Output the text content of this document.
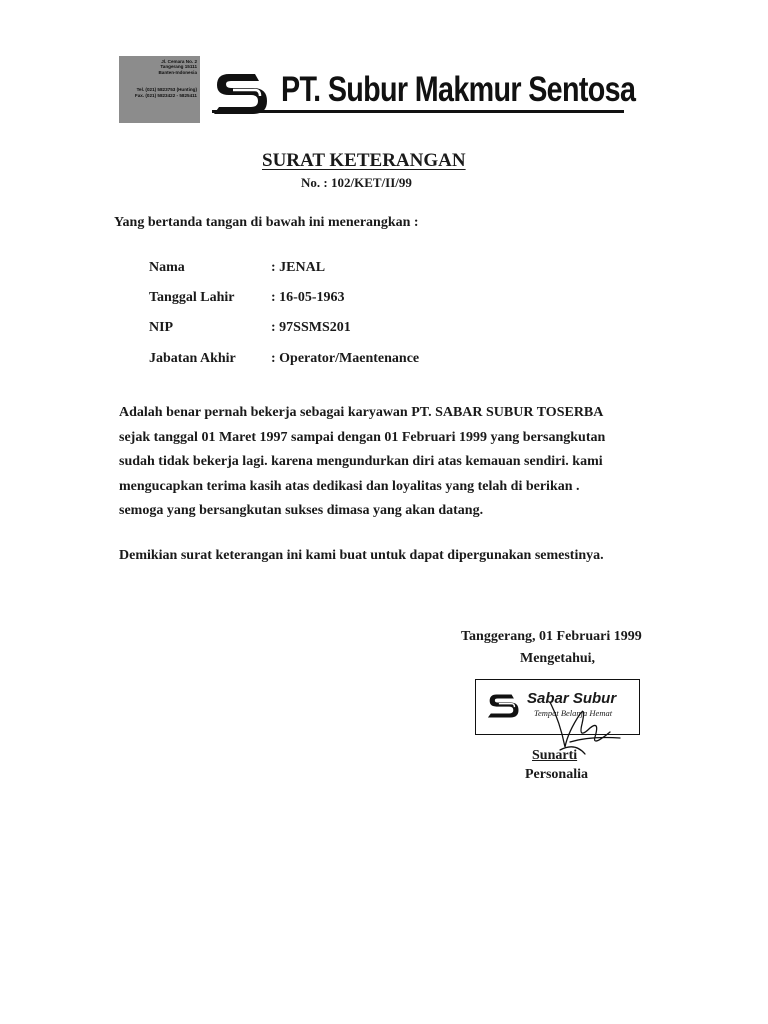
Jl. Cemara No. 2
Tangerang 15111
Banten-Indonesia
Tel. (021) 5823753 (Hunting)
Fax. (021) 5823422 - 5825411 PT. Subur Makmur Sentosa
SURAT KETERANGAN
No. : 102/KET/II/99
Yang bertanda tangan di bawah ini menerangkan :
Nama	: JENAL
Tanggal Lahir	: 16-05-1963
NIP	: 97SSMS201
Jabatan Akhir	: Operator/Maentenance
Adalah benar pernah bekerja sebagai karyawan PT. SABAR SUBUR TOSERBA
sejak tanggal 01 Maret 1997 sampai dengan 01 Februari 1999 yang bersangkutan
sudah tidak bekerja lagi. karena mengundurkan diri atas kemauan sendiri. kami
mengucapkan terima kasih atas dedikasi dan loyalitas yang telah di berikan .
semoga yang bersangkutan sukses dimasa yang akan datang.
Demikian surat keterangan ini kami buat untuk dapat dipergunakan semestinya.
Tanggerang, 01 Februari 1999
Mengetahui,
Sabar Subur
Tempat Belanja Hemat
Sunarti
Personalia
